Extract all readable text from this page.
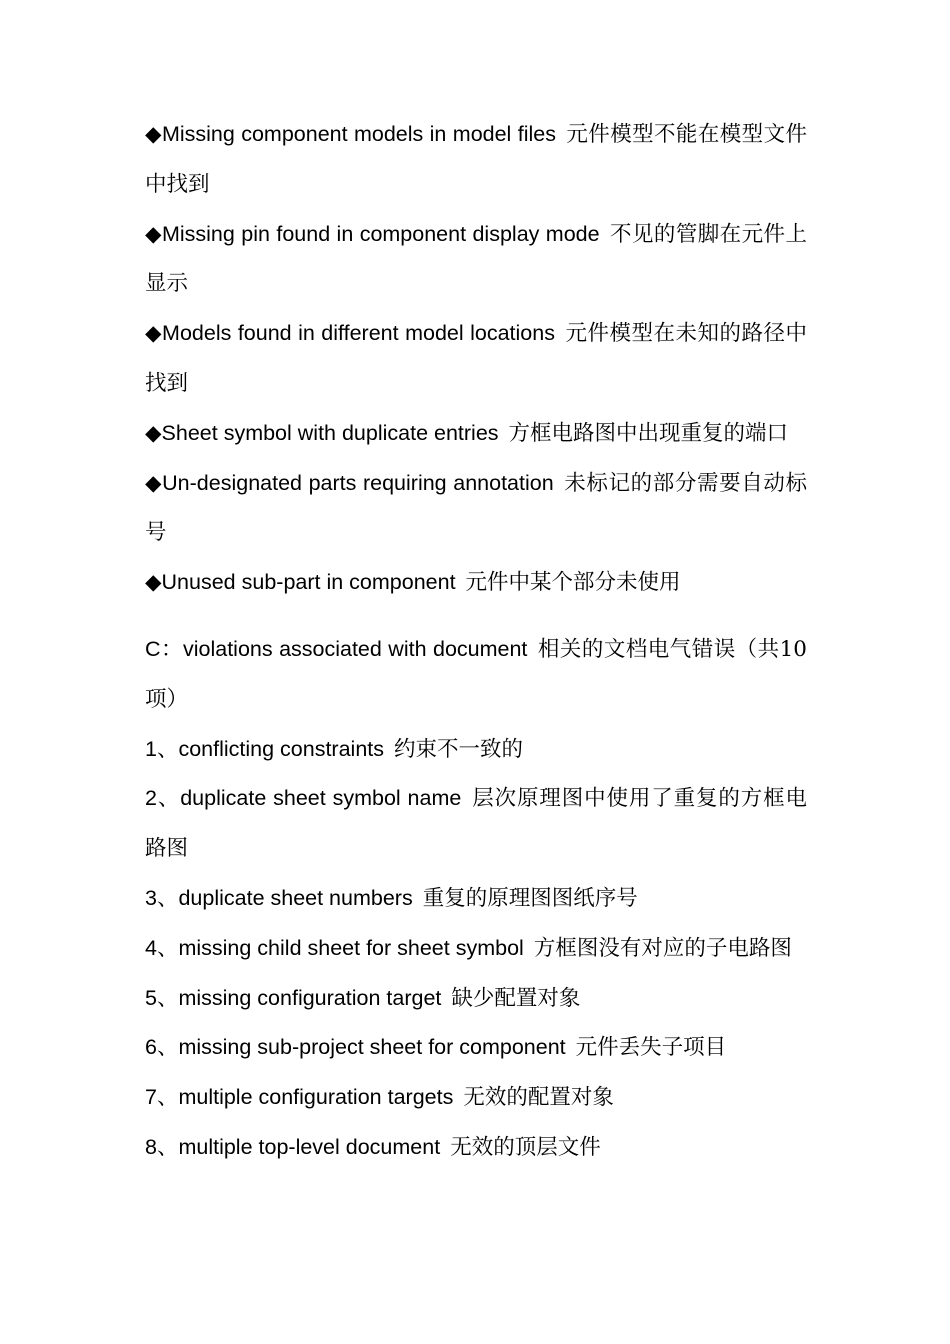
◆Missing component models in model files 元件模型不能在模型文件中找到

◆Missing pin found in component display mode 不见的管脚在元件上显示

◆Models found in different model locations 元件模型在未知的路径中找到

◆Sheet symbol with duplicate entries 方框电路图中出现重复的端口

◆Un-designated parts requiring annotation 未标记的部分需要自动标号

◆Unused sub-part in component 元件中某个部分未使用

C：violations associated with document 相关的文档电气错误（共10项）

1、conflicting constraints 约束不一致的

2、duplicate sheet symbol name 层次原理图中使用了重复的方框电路图

3、duplicate sheet numbers 重复的原理图图纸序号

4、missing child sheet for sheet symbol 方框图没有对应的子电路图

5、missing configuration target 缺少配置对象

6、missing sub-project sheet for component 元件丢失子项目

7、multiple configuration targets 无效的配置对象

8、multiple top-level document 无效的顶层文件
